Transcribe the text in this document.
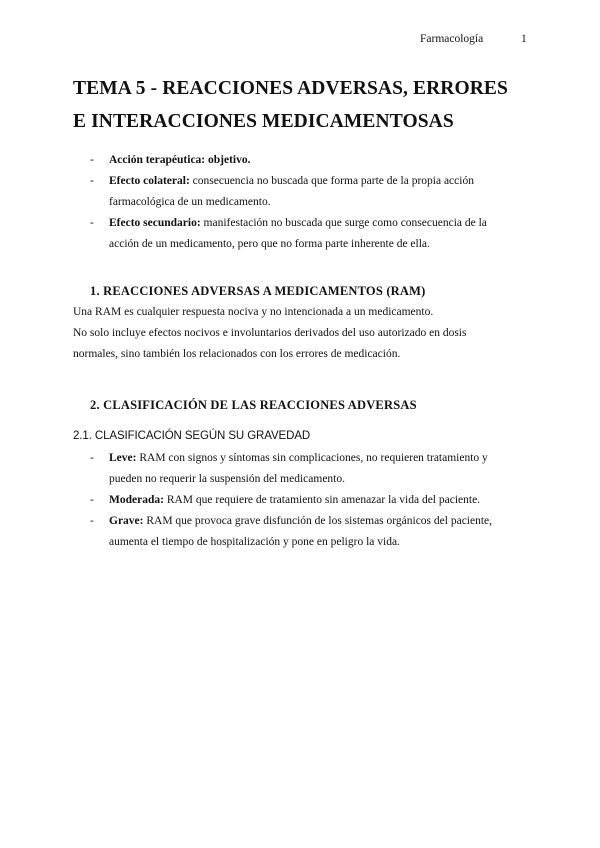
Farmacología	1
TEMA 5 - REACCIONES ADVERSAS, ERRORES
E INTERACCIONES MEDICAMENTOSAS
- Acción terapéutica: objetivo.
- Efecto colateral: consecuencia no buscada que forma parte de la propia acción
farmacológica de un medicamento.
- Efecto secundario: manifestación no buscada que surge como consecuencia de la
acción de un medicamento, pero que no forma parte inherente de ella.
1. REACCIONES ADVERSAS A MEDICAMENTOS (RAM)
Una RAM es cualquier respuesta nociva y no intencionada a un medicamento.
No solo incluye efectos nocivos e involuntarios derivados del uso autorizado en dosis
normales, sino también los relacionados con los errores de medicación.
2. CLASIFICACIÓN DE LAS REACCIONES ADVERSAS
2.1. CLASIFICACIÓN SEGÚN SU GRAVEDAD
- Leve: RAM con signos y síntomas sin complicaciones, no requieren tratamiento y
pueden no requerir la suspensión del medicamento.
- Moderada: RAM que requiere de tratamiento sin amenazar la vida del paciente.
- Grave: RAM que provoca grave disfunción de los sistemas orgánicos del paciente,
aumenta el tiempo de hospitalización y pone en peligro la vida.
